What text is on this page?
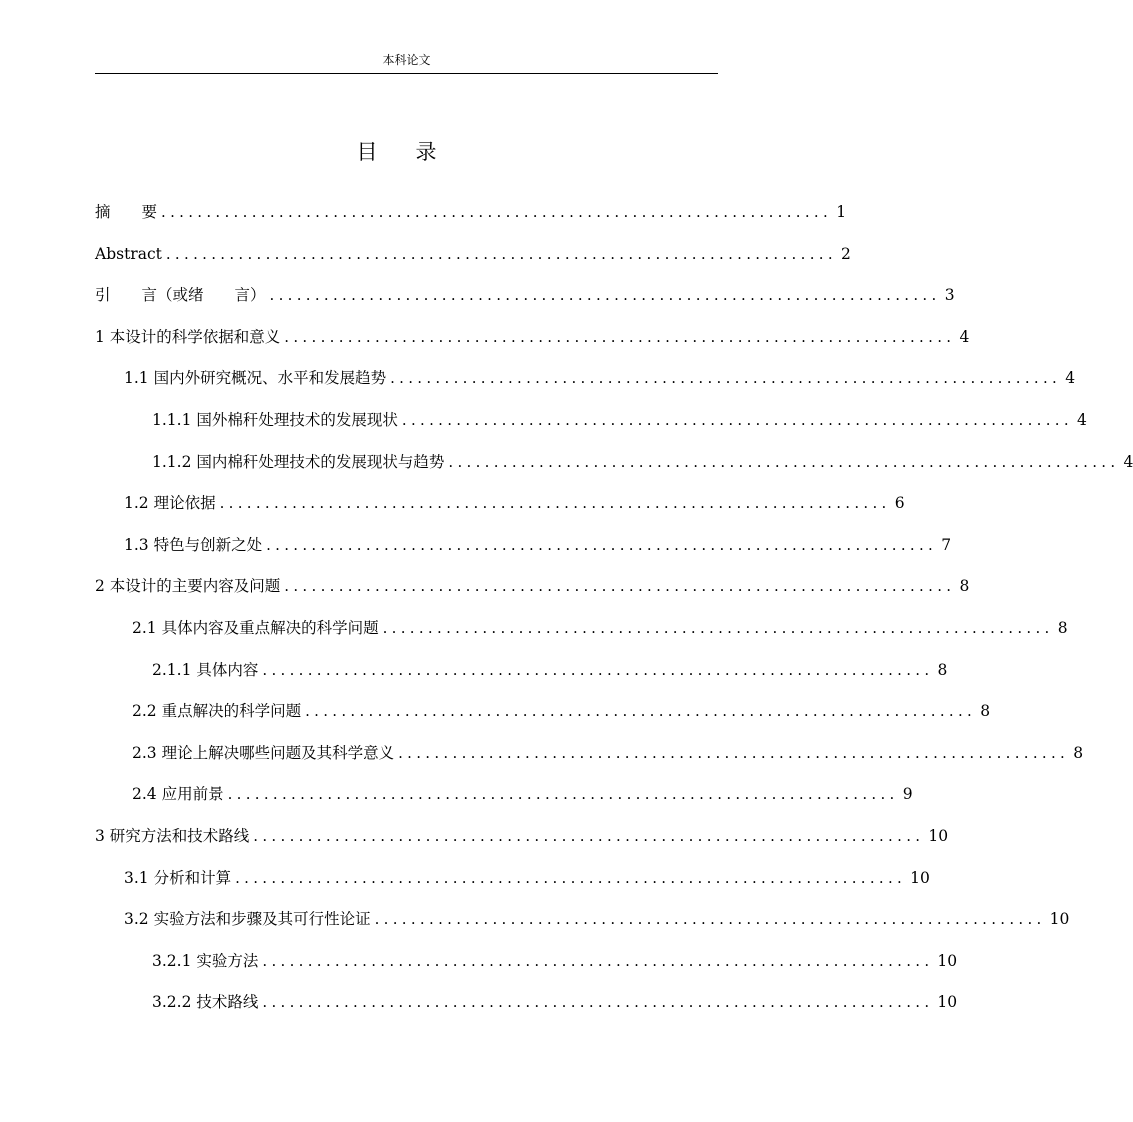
本科论文
目 录
摘　　要 .......................................................................... 1
Abstract .......................................................................... 2
引　　言（或绪　　言） .......................................................................... 3
1 本设计的科学依据和意义 .......................................................................... 4
1.1 国内外研究概况、水平和发展趋势 .......................................................................... 4
1.1.1 国外棉秆处理技术的发展现状 .......................................................................... 4
1.1.2 国内棉秆处理技术的发展现状与趋势 .......................................................................... 4
1.2 理论依据 .......................................................................... 6
1.3 特色与创新之处 .......................................................................... 7
2 本设计的主要内容及问题 .......................................................................... 8
2.1 具体内容及重点解决的科学问题 .......................................................................... 8
2.1.1 具体内容 .......................................................................... 8
2.2 重点解决的科学问题 .......................................................................... 8
2.3 理论上解决哪些问题及其科学意义 .......................................................................... 8
2.4 应用前景 .......................................................................... 9
3 研究方法和技术路线 .......................................................................... 10
3.1 分析和计算 .......................................................................... 10
3.2 实验方法和步骤及其可行性论证 .......................................................................... 10
3.2.1 实验方法 .......................................................................... 10
3.2.2 技术路线 .......................................................................... 10
